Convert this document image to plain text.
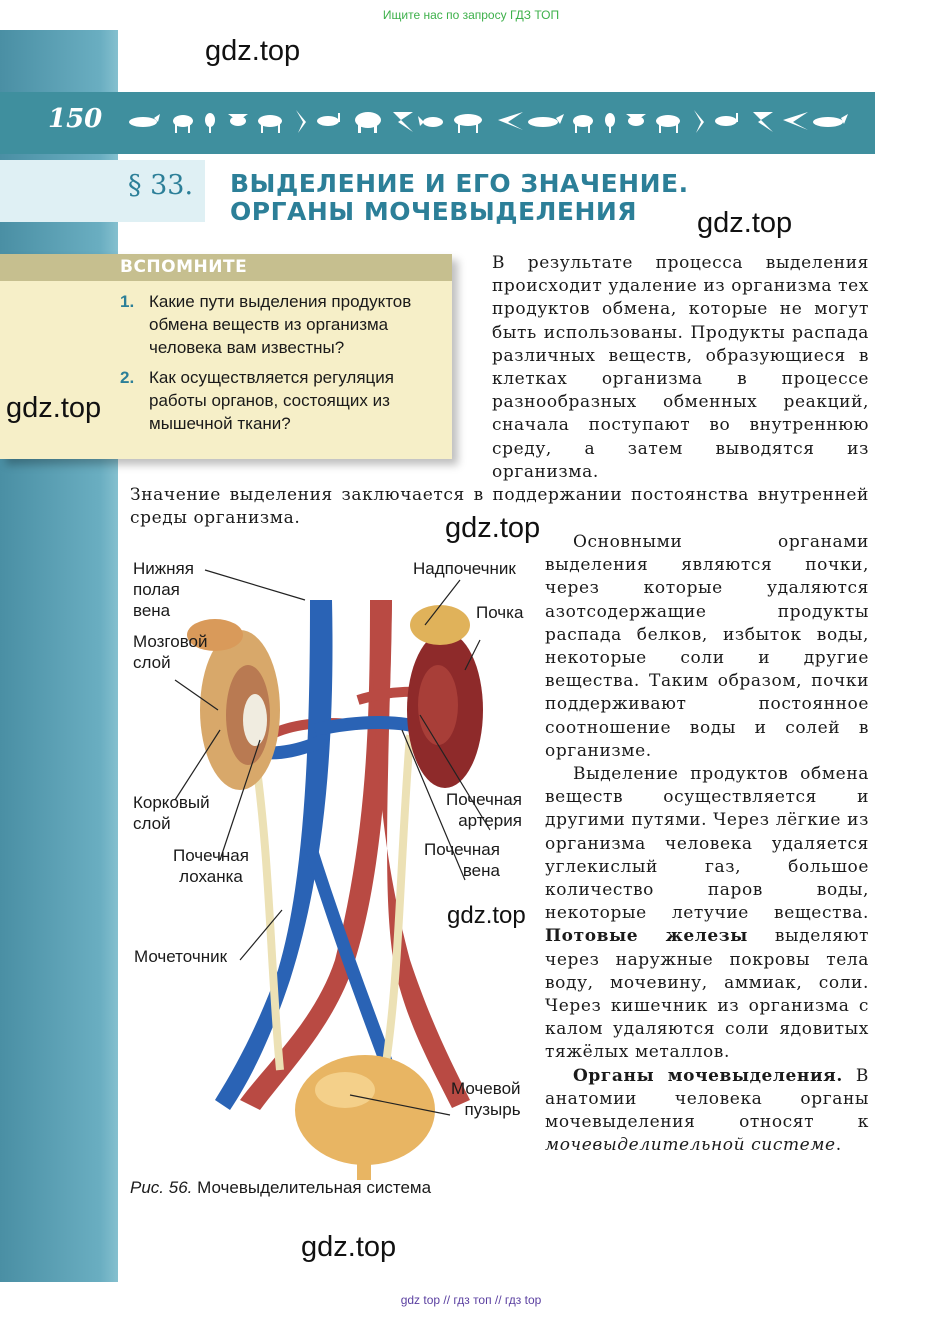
Ищите нас по запросу ГДЗ ТОП
150
§ 33. ВЫДЕЛЕНИЕ И ЕГО ЗНАЧЕНИЕ.
ОРГАНЫ МОЧЕВЫДЕЛЕНИЯ
ВСПОМНИТЕ
1. Какие пути выделения продуктов обмена веществ из организма человека вам известны?
2. Как осуществляется регуляция работы органов, состоящих из мышечной ткани?

В результате процесса выделения происходит удаление из организма тех продуктов обмена, которые не могут быть использованы. Продукты распада различных веществ, образующиеся в клетках организма в процессе разнообразных обменных реакций, сначала поступают во внутреннюю среду, а затем выводятся из организма.

Значение выделения заключается в поддержании постоянства внутренней среды организма.

Основными органами выделения являются почки, через которые удаляются азотсодержащие продукты распада белков, избыток воды, некоторые соли и другие вещества. Таким образом, почки поддерживают постоянное соотношение воды и солей в организме.

Выделение продуктов обмена веществ осуществляется и другими путями. Через лёгкие из организма человека удаляется углекислый газ, большое количество паров воды, некоторые летучие вещества. Потовые железы выделяют через наружные покровы тела воду, мочевину, аммиак, соли. Через кишечник из организма с калом удаляются соли ядовитых тяжёлых металлов.

Органы мочевыделения. В анатомии человека органы мочевыделения относят к мочевыделительной системе.

Нижняя
полая
вена
Мозговой
слой
Корковый
слой
Почечная
лоханка
Мочеточник
Надпочечник
Почка
Почечная
артерия
Почечная
вена
Мочевой
пузырь
Рис. 56. Мочевыделительная система
gdz.top
gdz.top
gdz.top
gdz.top
gdz.top
gdz.top
gdz top // гдз топ // гдз top
